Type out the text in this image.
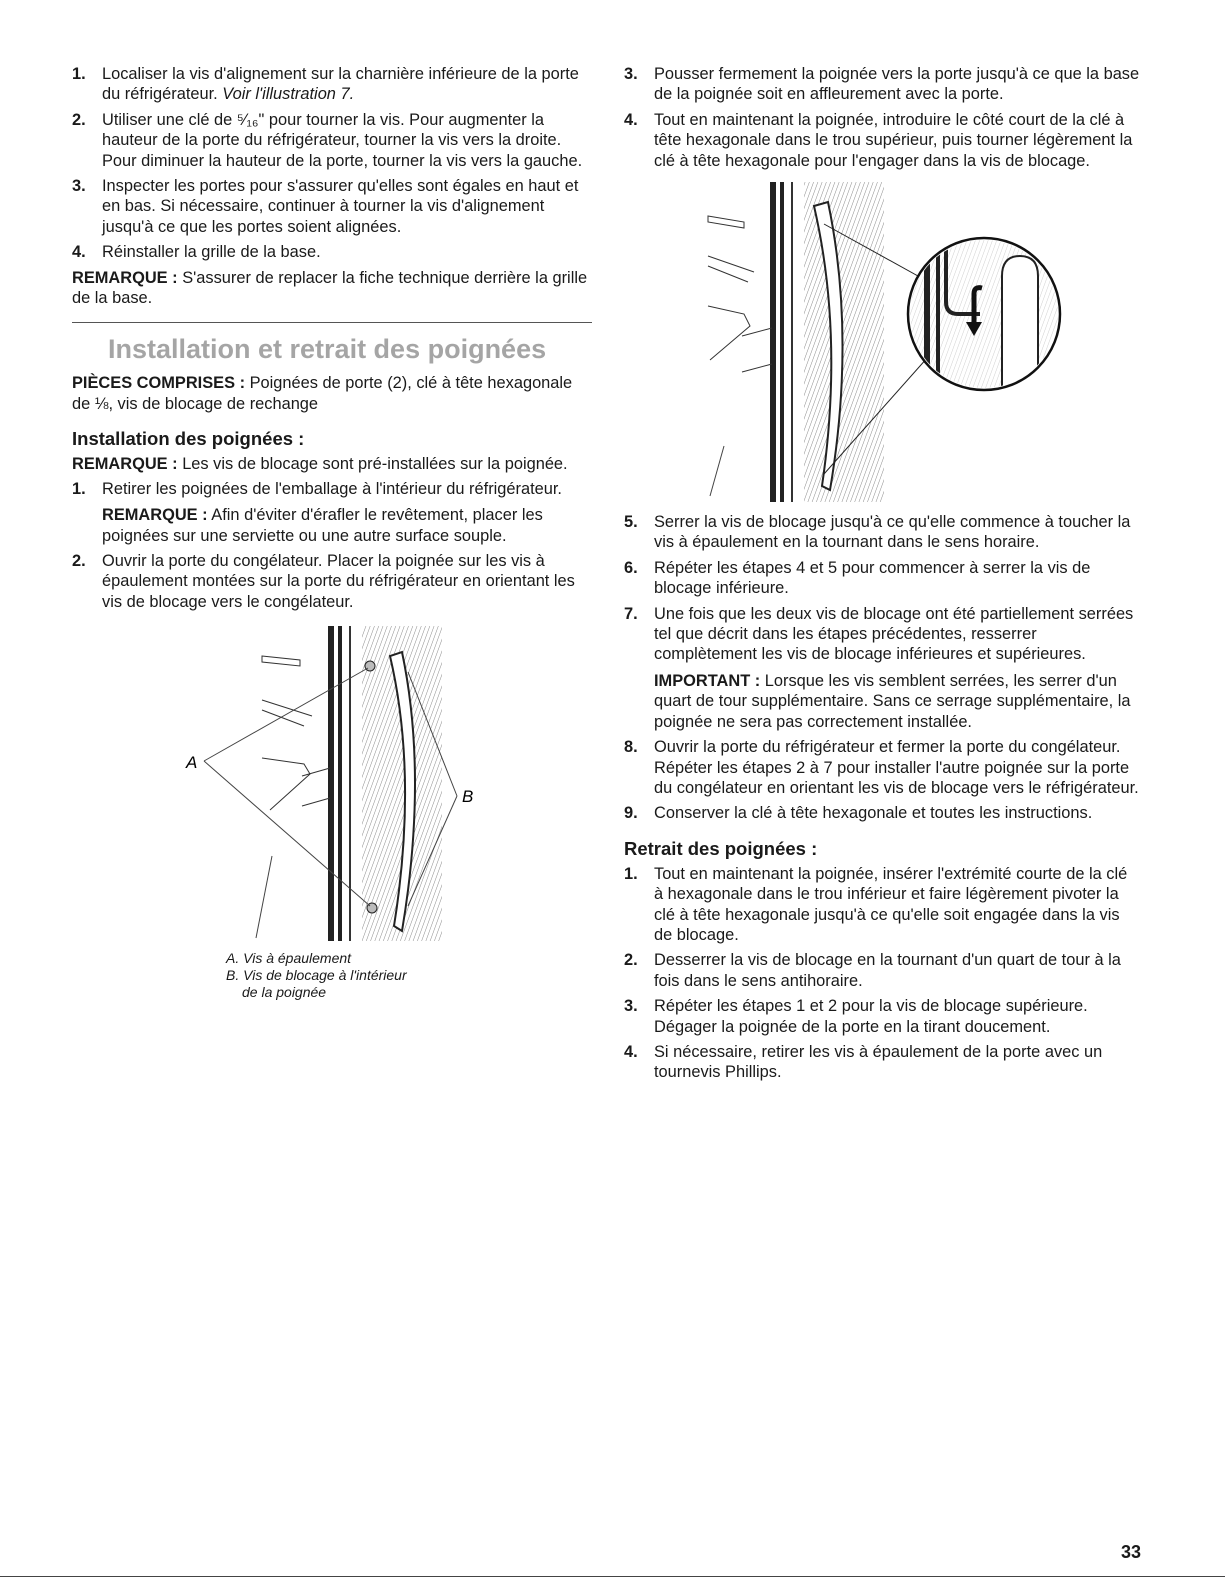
1. Localiser la vis d'alignement sur la charnière inférieure de la porte du réfrigérateur. Voir l'illustration 7.
2. Utiliser une clé de ⁵⁄₁₆" pour tourner la vis. Pour augmenter la hauteur de la porte du réfrigérateur, tourner la vis vers la droite. Pour diminuer la hauteur de la porte, tourner la vis vers la gauche.
3. Inspecter les portes pour s'assurer qu'elles sont égales en haut et en bas. Si nécessaire, continuer à tourner la vis d'alignement jusqu'à ce que les portes soient alignées.
4. Réinstaller la grille de la base.

REMARQUE : S'assurer de replacer la fiche technique derrière la grille de la base.

Installation et retrait des poignées

PIÈCES COMPRISES : Poignées de porte (2), clé à tête hexagonale de ⅛, vis de blocage de rechange

Installation des poignées :

REMARQUE : Les vis de blocage sont pré-installées sur la poignée.

1. Retirer les poignées de l'emballage à l'intérieur du réfrigérateur.

REMARQUE : Afin d'éviter d'érafler le revêtement, placer les poignées sur une serviette ou une autre surface souple.

2. Ouvrir la porte du congélateur. Placer la poignée sur les vis à épaulement montées sur la porte du réfrigérateur en orientant les vis de blocage vers le congélateur.
A
B
A. Vis à épaulement
B. Vis de blocage à l'intérieur
de la poignée
3. Pousser fermement la poignée vers la porte jusqu'à ce que la base de la poignée soit en affleurement avec la porte.
4. Tout en maintenant la poignée, introduire le côté court de la clé à tête hexagonale dans le trou supérieur, puis tourner légèrement la clé à tête hexagonale pour l'engager dans la vis de blocage.
5. Serrer la vis de blocage jusqu'à ce qu'elle commence à toucher la vis à épaulement en la tournant dans le sens horaire.
6. Répéter les étapes 4 et 5 pour commencer à serrer la vis de blocage inférieure.
7. Une fois que les deux vis de blocage ont été partiellement serrées tel que décrit dans les étapes précédentes, resserrer complètement les vis de blocage inférieures et supérieures.

IMPORTANT : Lorsque les vis semblent serrées, les serrer d'un quart de tour supplémentaire. Sans ce serrage supplémentaire, la poignée ne sera pas correctement installée.

8. Ouvrir la porte du réfrigérateur et fermer la porte du congélateur. Répéter les étapes 2 à 7 pour installer l'autre poignée sur la porte du congélateur en orientant les vis de blocage vers le réfrigérateur.
9. Conserver la clé à tête hexagonale et toutes les instructions.
Retrait des poignées :
1. Tout en maintenant la poignée, insérer l'extrémité courte de la clé à hexagonale dans le trou inférieur et faire légèrement pivoter la clé à tête hexagonale jusqu'à ce qu'elle soit engagée dans la vis de blocage.
2. Desserrer la vis de blocage en la tournant d'un quart de tour à la fois dans le sens antihoraire.
3. Répéter les étapes 1 et 2 pour la vis de blocage supérieure. Dégager la poignée de la porte en la tirant doucement.
4. Si nécessaire, retirer les vis à épaulement de la porte avec un tournevis Phillips.
33
